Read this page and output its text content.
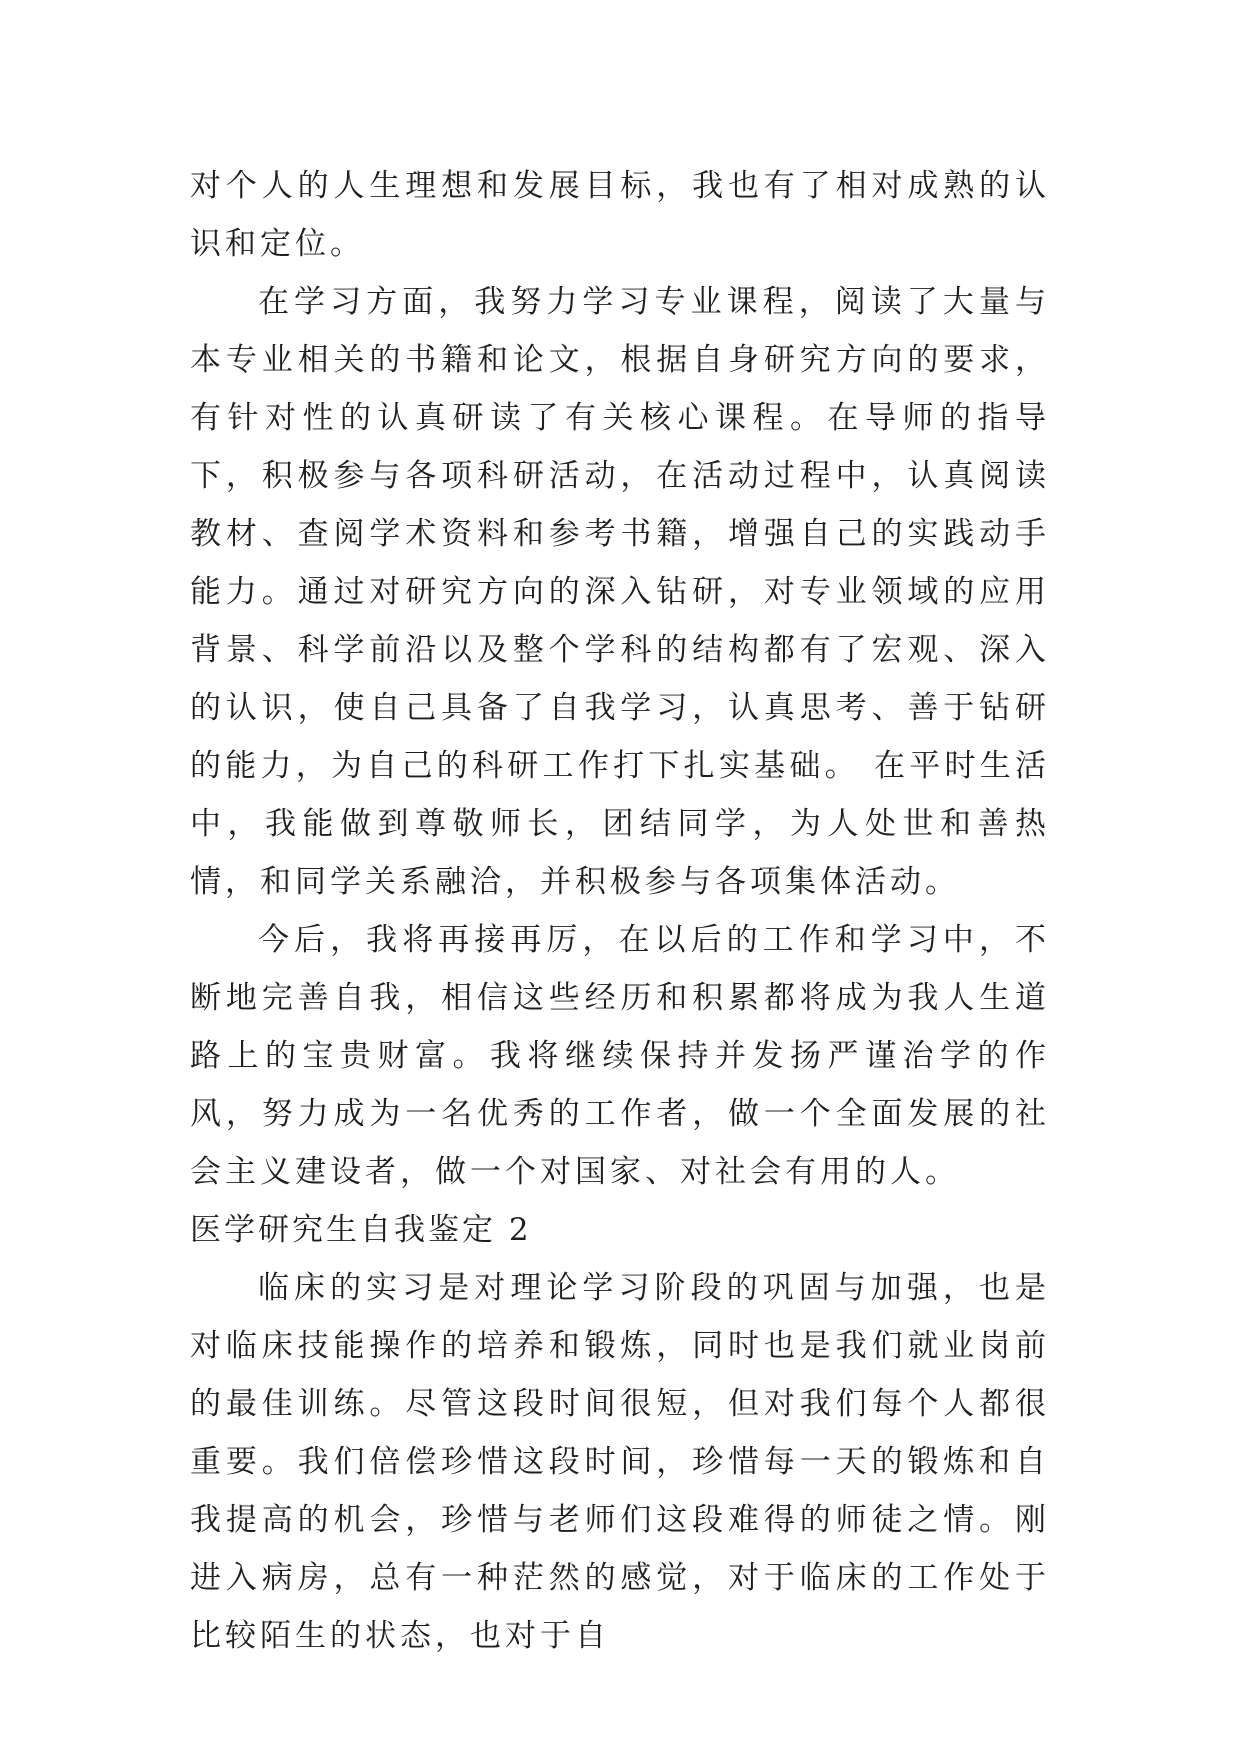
对个人的人生理想和发展目标，我也有了相对成熟的认识和定位。

在学习方面，我努力学习专业课程，阅读了大量与本专业相关的书籍和论文，根据自身研究方向的要求，有针对性的认真研读了有关核心课程。在导师的指导下，积极参与各项科研活动，在活动过程中，认真阅读教材、查阅学术资料和参考书籍，增强自己的实践动手能力。通过对研究方向的深入钻研，对专业领域的应用背景、科学前沿以及整个学科的结构都有了宏观、深入的认识，使自己具备了自我学习，认真思考、善于钻研的能力，为自己的科研工作打下扎实基础。 在平时生活中，我能做到尊敬师长，团结同学，为人处世和善热情，和同学关系融洽，并积极参与各项集体活动。

今后，我将再接再厉，在以后的工作和学习中，不断地完善自我，相信这些经历和积累都将成为我人生道路上的宝贵财富。我将继续保持并发扬严谨治学的作风，努力成为一名优秀的工作者，做一个全面发展的社会主义建设者，做一个对国家、对社会有用的人。

医学研究生自我鉴定 2

临床的实习是对理论学习阶段的巩固与加强，也是对临床技能操作的培养和锻炼，同时也是我们就业岗前的最佳训练。尽管这段时间很短，但对我们每个人都很重要。我们倍偿珍惜这段时间，珍惜每一天的锻炼和自我提高的机会，珍惜与老师们这段难得的师徒之情。刚进入病房，总有一种茫然的感觉，对于临床的工作处于比较陌生的状态，也对于自
